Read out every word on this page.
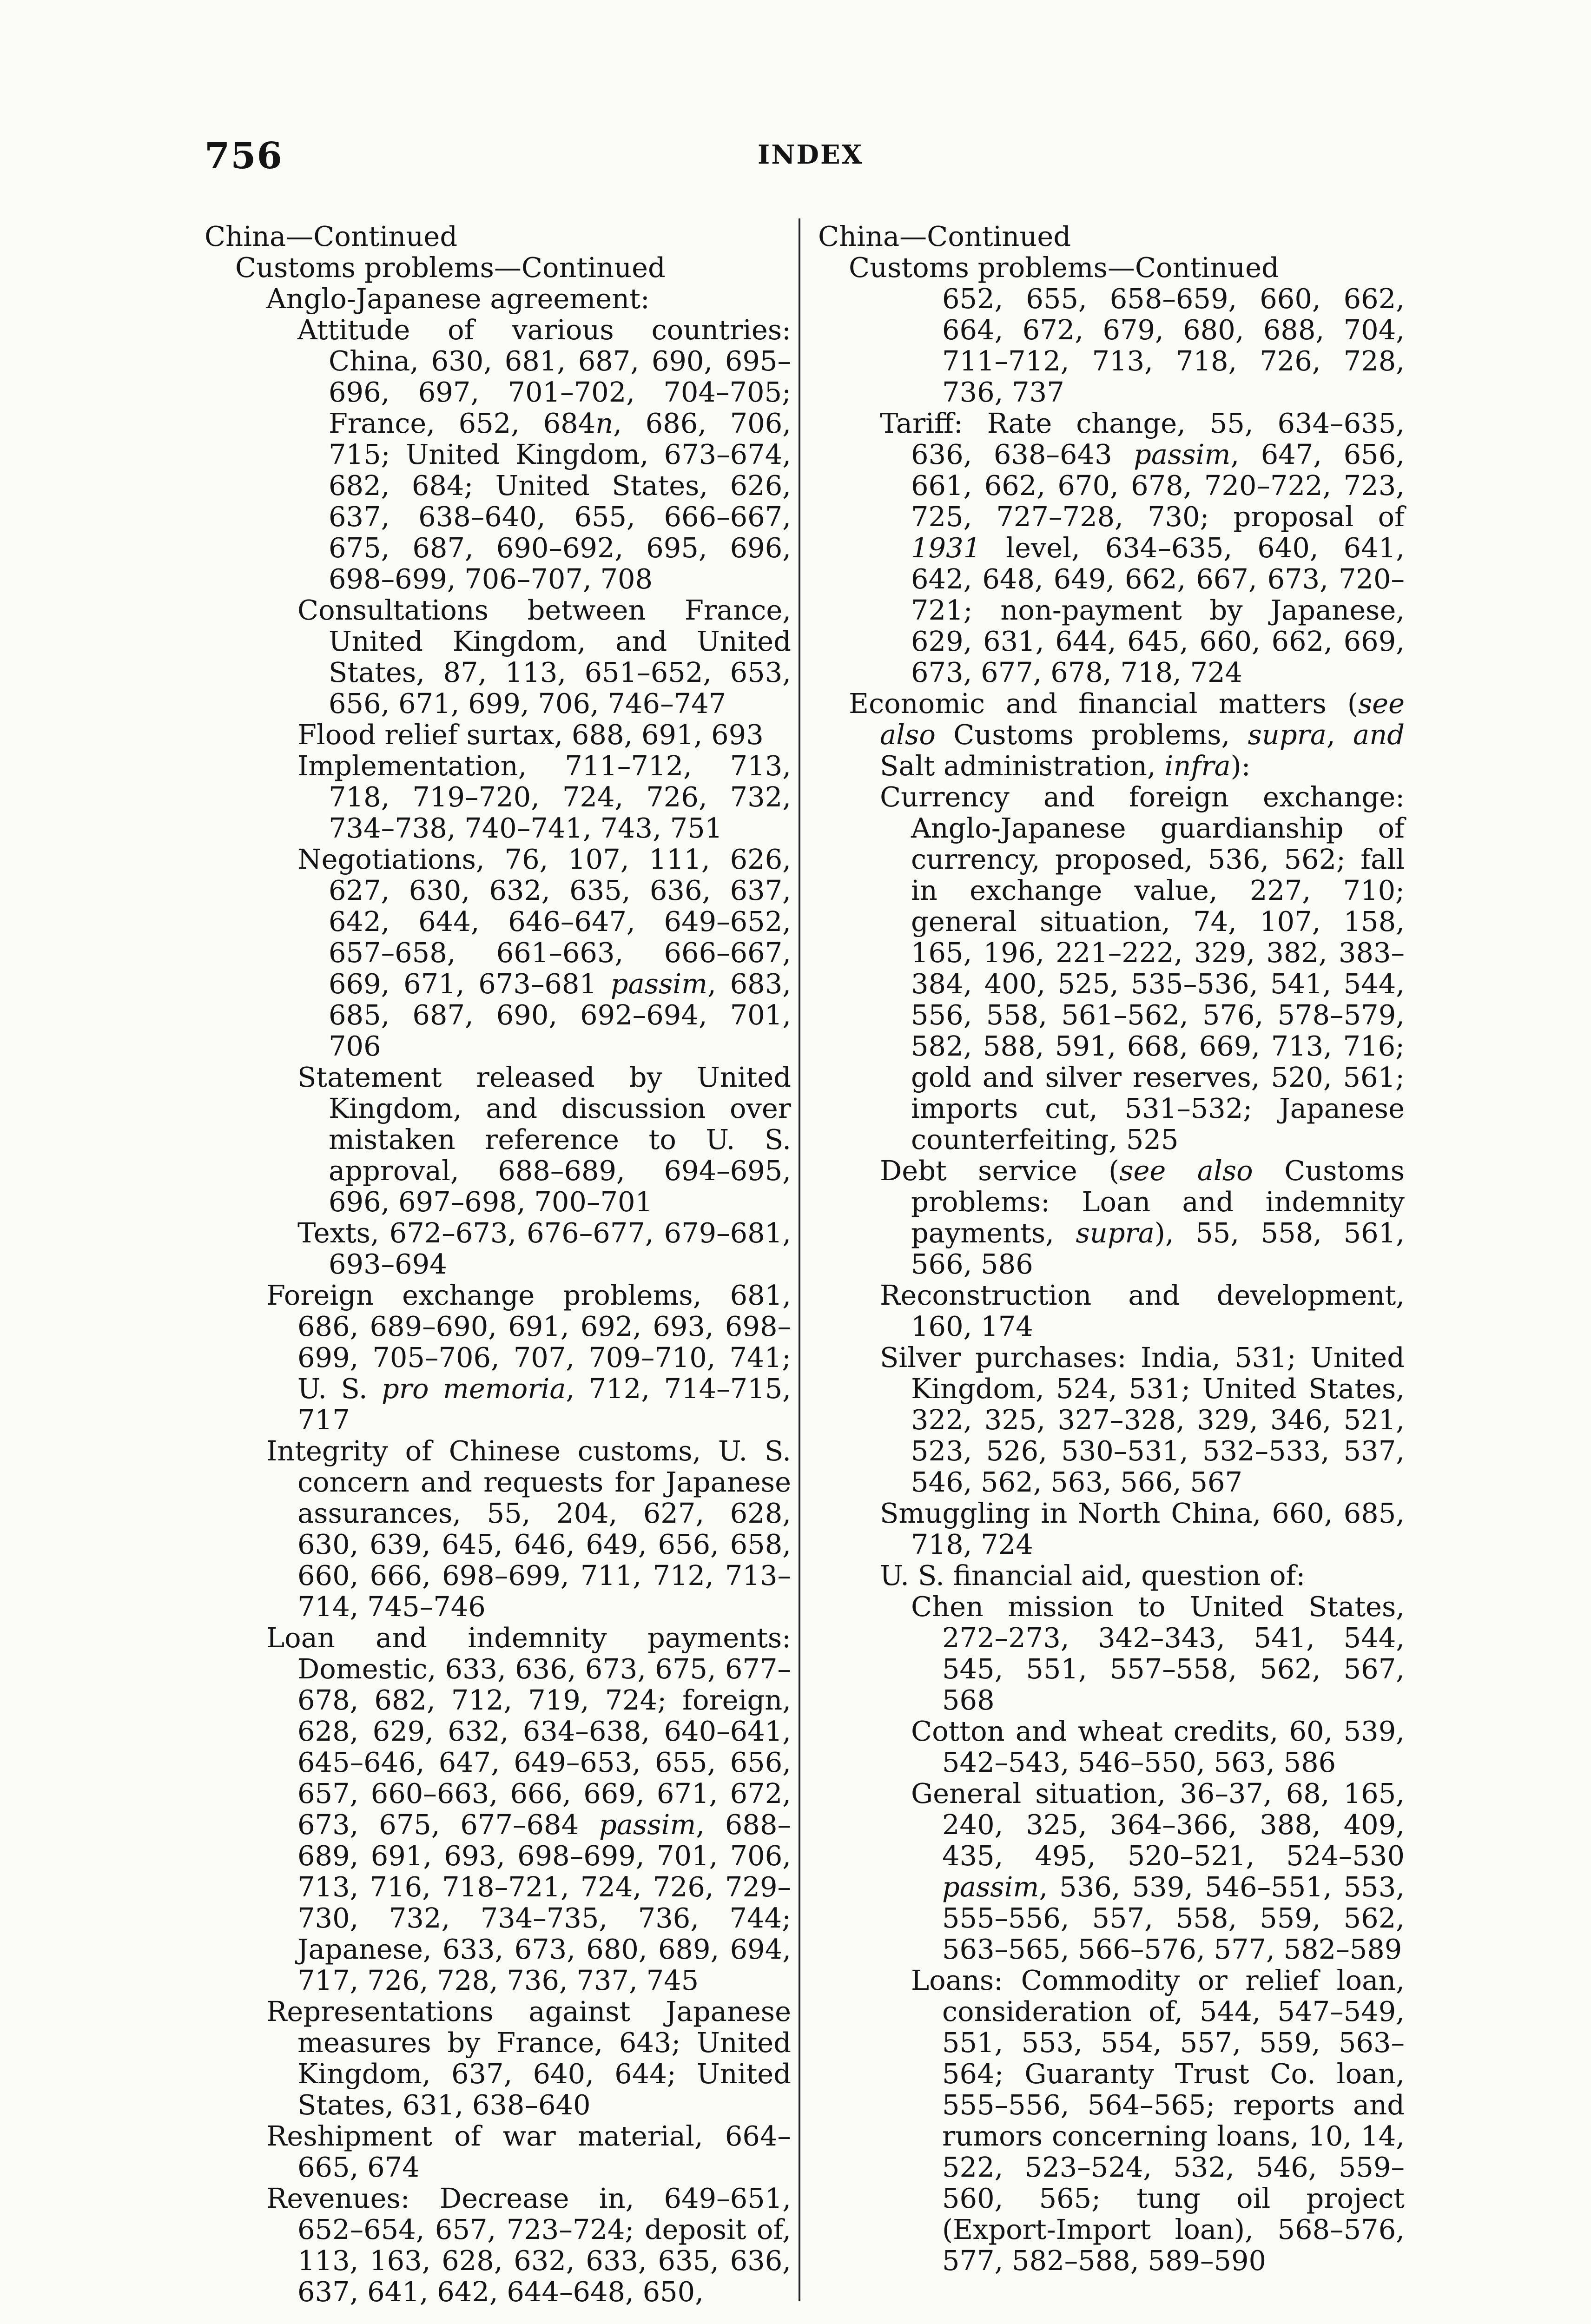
756	INDEX

China—Continued

Customs problems—Continued

Anglo-Japanese agreement:

Attitude of various countries: China, 630, 681, 687, 690, 695–696, 697, 701–702, 704–705; France, 652, 684n, 686, 706, 715; United Kingdom, 673–674, 682, 684; United States, 626, 637, 638–640, 655, 666–667, 675, 687, 690–692, 695, 696, 698–699, 706–707, 708

Consultations between France, United Kingdom, and United States, 87, 113, 651–652, 653, 656, 671, 699, 706, 746–747

Flood relief surtax, 688, 691, 693

Implementation, 711–712, 713, 718, 719–720, 724, 726, 732, 734–738, 740–741, 743, 751

Negotiations, 76, 107, 111, 626, 627, 630, 632, 635, 636, 637, 642, 644, 646–647, 649–652, 657–658, 661–663, 666–667, 669, 671, 673–681 passim, 683, 685, 687, 690, 692–694, 701, 706

Statement released by United Kingdom, and discussion over mistaken reference to U. S. approval, 688–689, 694–695, 696, 697–698, 700–701

Texts, 672–673, 676–677, 679–681, 693–694

Foreign exchange problems, 681, 686, 689–690, 691, 692, 693, 698–699, 705–706, 707, 709–710, 741; U. S. pro memoria, 712, 714–715, 717

Integrity of Chinese customs, U. S. concern and requests for Japanese assurances, 55, 204, 627, 628, 630, 639, 645, 646, 649, 656, 658, 660, 666, 698–699, 711, 712, 713–714, 745–746

Loan and indemnity payments: Domestic, 633, 636, 673, 675, 677–678, 682, 712, 719, 724; foreign, 628, 629, 632, 634–638, 640–641, 645–646, 647, 649–653, 655, 656, 657, 660–663, 666, 669, 671, 672, 673, 675, 677–684 passim, 688–689, 691, 693, 698–699, 701, 706, 713, 716, 718–721, 724, 726, 729–730, 732, 734–735, 736, 744; Japanese, 633, 673, 680, 689, 694, 717, 726, 728, 736, 737, 745

Representations against Japanese measures by France, 643; United Kingdom, 637, 640, 644; United States, 631, 638–640

Reshipment of war material, 664–665, 674

Revenues: Decrease in, 649–651, 652–654, 657, 723–724; deposit of, 113, 163, 628, 632, 633, 635, 636, 637, 641, 642, 644–648, 650,

China—Continued

Customs problems—Continued

652, 655, 658–659, 660, 662, 664, 672, 679, 680, 688, 704, 711–712, 713, 718, 726, 728, 736, 737

Tariff: Rate change, 55, 634–635, 636, 638–643 passim, 647, 656, 661, 662, 670, 678, 720–722, 723, 725, 727–728, 730; proposal of 1931 level, 634–635, 640, 641, 642, 648, 649, 662, 667, 673, 720–721; non-payment by Japanese, 629, 631, 644, 645, 660, 662, 669, 673, 677, 678, 718, 724

Economic and financial matters (see also Customs problems, supra, and Salt administration, infra):

Currency and foreign exchange: Anglo-Japanese guardianship of currency, proposed, 536, 562; fall in exchange value, 227, 710; general situation, 74, 107, 158, 165, 196, 221–222, 329, 382, 383–384, 400, 525, 535–536, 541, 544, 556, 558, 561–562, 576, 578–579, 582, 588, 591, 668, 669, 713, 716; gold and silver reserves, 520, 561; imports cut, 531–532; Japanese counterfeiting, 525

Debt service (see also Customs problems: Loan and indemnity payments, supra), 55, 558, 561, 566, 586

Reconstruction and development, 160, 174

Silver purchases: India, 531; United Kingdom, 524, 531; United States, 322, 325, 327–328, 329, 346, 521, 523, 526, 530–531, 532–533, 537, 546, 562, 563, 566, 567

Smuggling in North China, 660, 685, 718, 724

U. S. financial aid, question of:

Chen mission to United States, 272–273, 342–343, 541, 544, 545, 551, 557–558, 562, 567, 568

Cotton and wheat credits, 60, 539, 542–543, 546–550, 563, 586

General situation, 36–37, 68, 165, 240, 325, 364–366, 388, 409, 435, 495, 520–521, 524–530 passim, 536, 539, 546–551, 553, 555–556, 557, 558, 559, 562, 563–565, 566–576, 577, 582–589

Loans: Commodity or relief loan, consideration of, 544, 547–549, 551, 553, 554, 557, 559, 563–564; Guaranty Trust Co. loan, 555–556, 564–565; reports and rumors concerning loans, 10, 14, 522, 523–524, 532, 546, 559–560, 565; tung oil project (Export-Import loan), 568–576, 577, 582–588, 589–590
